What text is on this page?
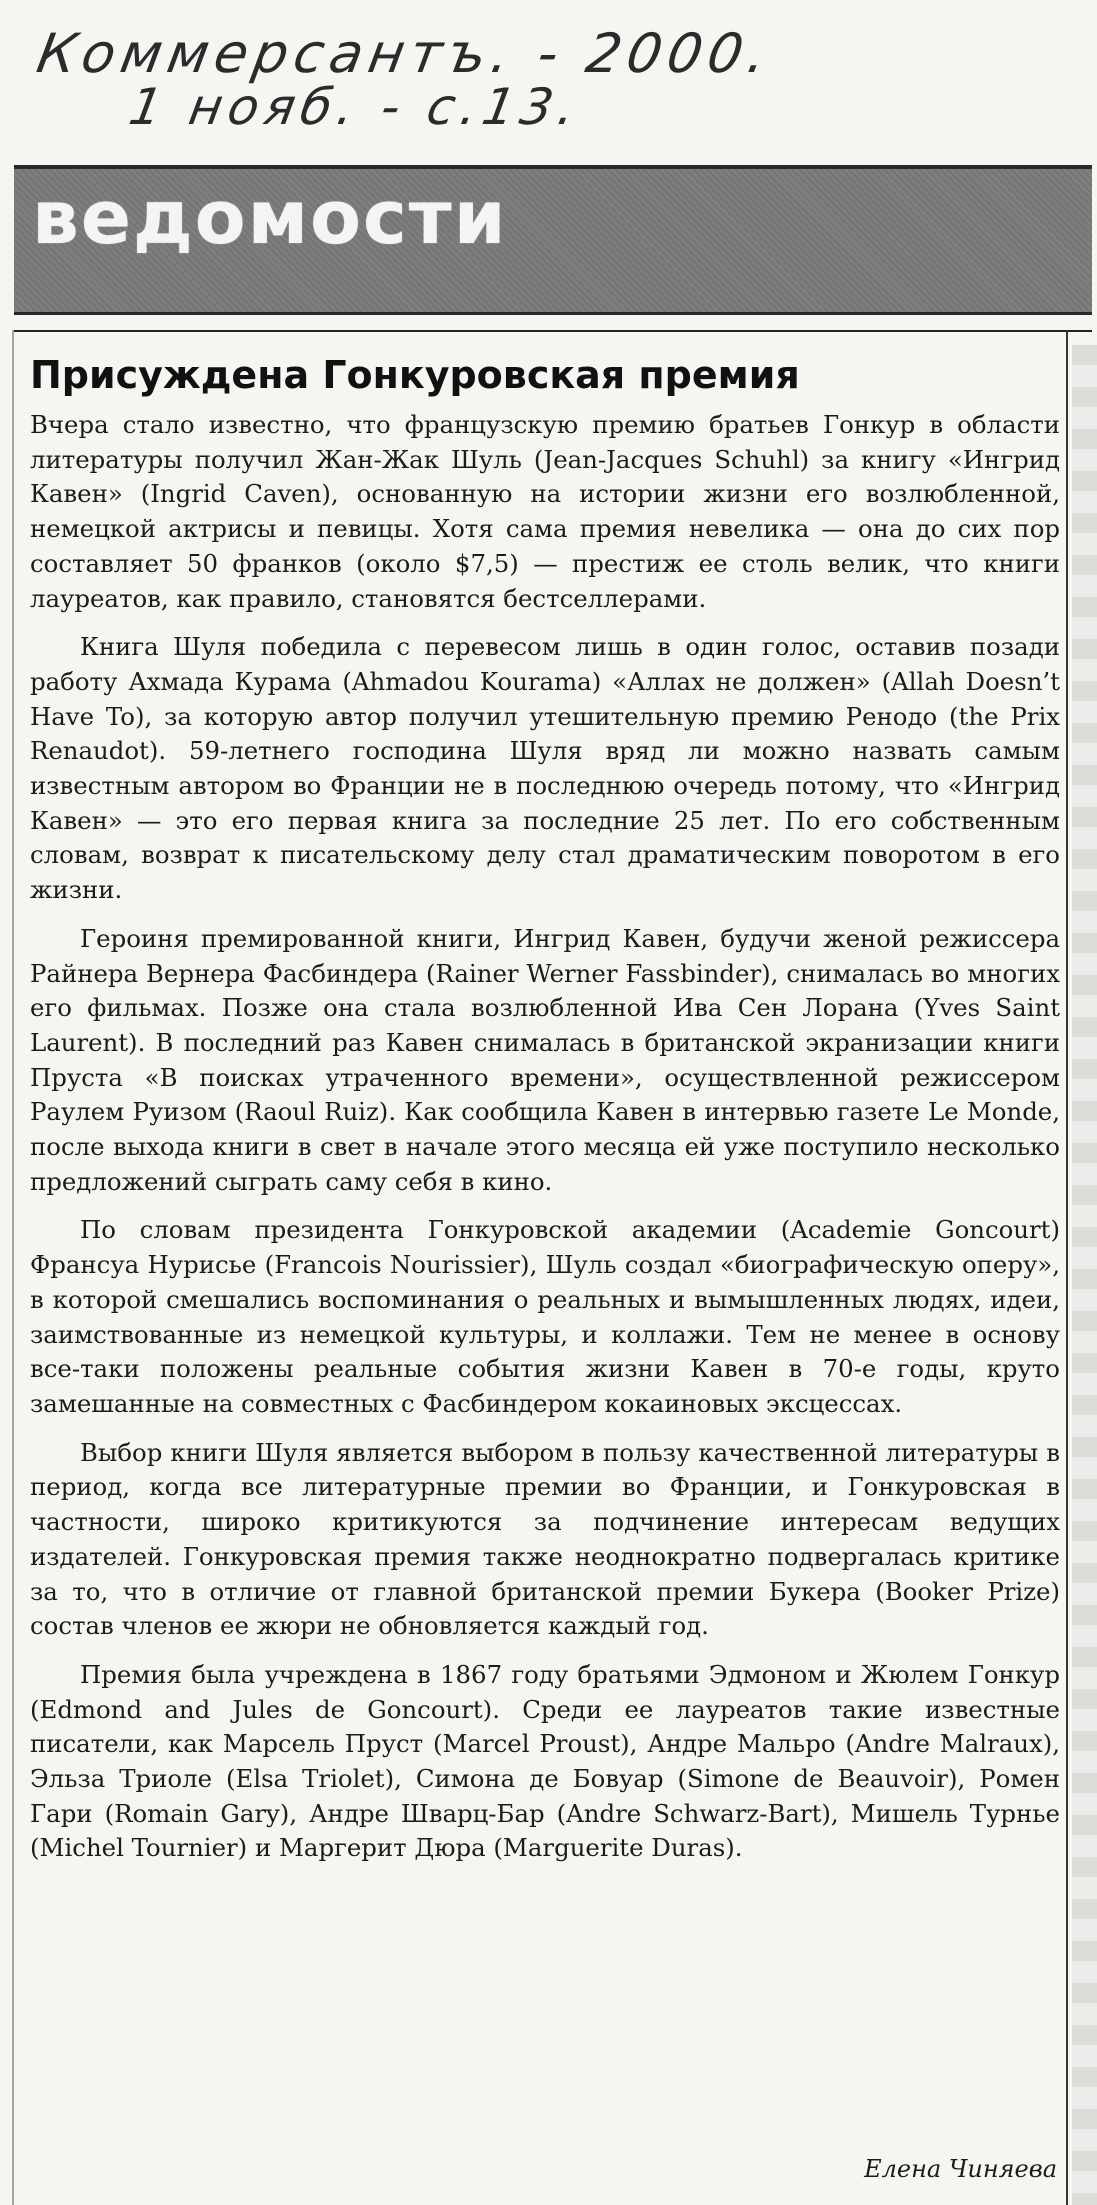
Коммерсантъ. - 2000.
1 нояб. - с.13.
ведомости
Присуждена Гонкуровская премия

Вчера стало известно, что французскую премию братьев Гонкур в области литературы получил Жан-Жак Шуль (Jean-Jacques Schuhl) за книгу «Ингрид Кавен» (Ingrid Caven), основанную на истории жизни его возлюбленной, немецкой актрисы и певицы. Хотя сама премия невелика — она до сих пор составляет 50 франков (около $7,5) — престиж ее столь велик, что книги лауреатов, как правило, становятся бестселлерами.

Книга Шуля победила с перевесом лишь в один голос, оставив позади работу Ахмада Курама (Ahmadou Kourama) «Аллах не должен» (Allah Doesn’t Have To), за которую автор получил утешительную премию Ренодо (the Prix Renaudot). 59-летнего господина Шуля вряд ли можно назвать самым известным автором во Франции не в последнюю очередь потому, что «Ингрид Кавен» — это его первая книга за последние 25 лет. По его собственным словам, возврат к писательскому делу стал драматическим поворотом в его жизни.

Героиня премированной книги, Ингрид Кавен, будучи женой режиссера Райнера Вернера Фасбиндера (Rainer Werner Fassbinder), снималась во многих его фильмах. Позже она стала возлюбленной Ива Сен Лорана (Yves Saint Laurent). В последний раз Кавен снималась в британской экранизации книги Пруста «В поисках утраченного времени», осуществленной режиссером Раулем Руизом (Raoul Ruiz). Как сообщила Кавен в интервью газете Le Monde, после выхода книги в свет в начале этого месяца ей уже поступило несколько предложений сыграть саму себя в кино.

По словам президента Гонкуровской академии (Academie Goncourt) Франсуа Нурисье (Francois Nourissier), Шуль создал «биографическую оперу», в которой смешались воспоминания о реальных и вымышленных людях, идеи, заимствованные из немецкой культуры, и коллажи. Тем не менее в основу все-таки положены реальные события жизни Кавен в 70-е годы, круто замешанные на совместных с Фасбиндером кокаиновых эксцессах.

Выбор книги Шуля является выбором в пользу качественной литературы в период, когда все литературные премии во Франции, и Гонкуровская в частности, широко критикуются за подчинение интересам ведущих издателей. Гонкуровская премия также неоднократно подвергалась критике за то, что в отличие от главной британской премии Букера (Booker Prize) состав членов ее жюри не обновляется каждый год.

Премия была учреждена в 1867 году братьями Эдмоном и Жюлем Гонкур (Edmond and Jules de Goncourt). Среди ее лауреатов такие известные писатели, как Марсель Пруст (Marcel Proust), Андре Мальро (Andre Malraux), Эльза Триоле (Elsa Triolet), Симона де Бовуар (Simone de Beauvoir), Ромен Гари (Romain Gary), Андре Шварц-Бар (Andre Schwarz-Bart), Мишель Турнье (Michel Tournier) и Маргерит Дюра (Marguerite Duras).

Елена Чиняева
